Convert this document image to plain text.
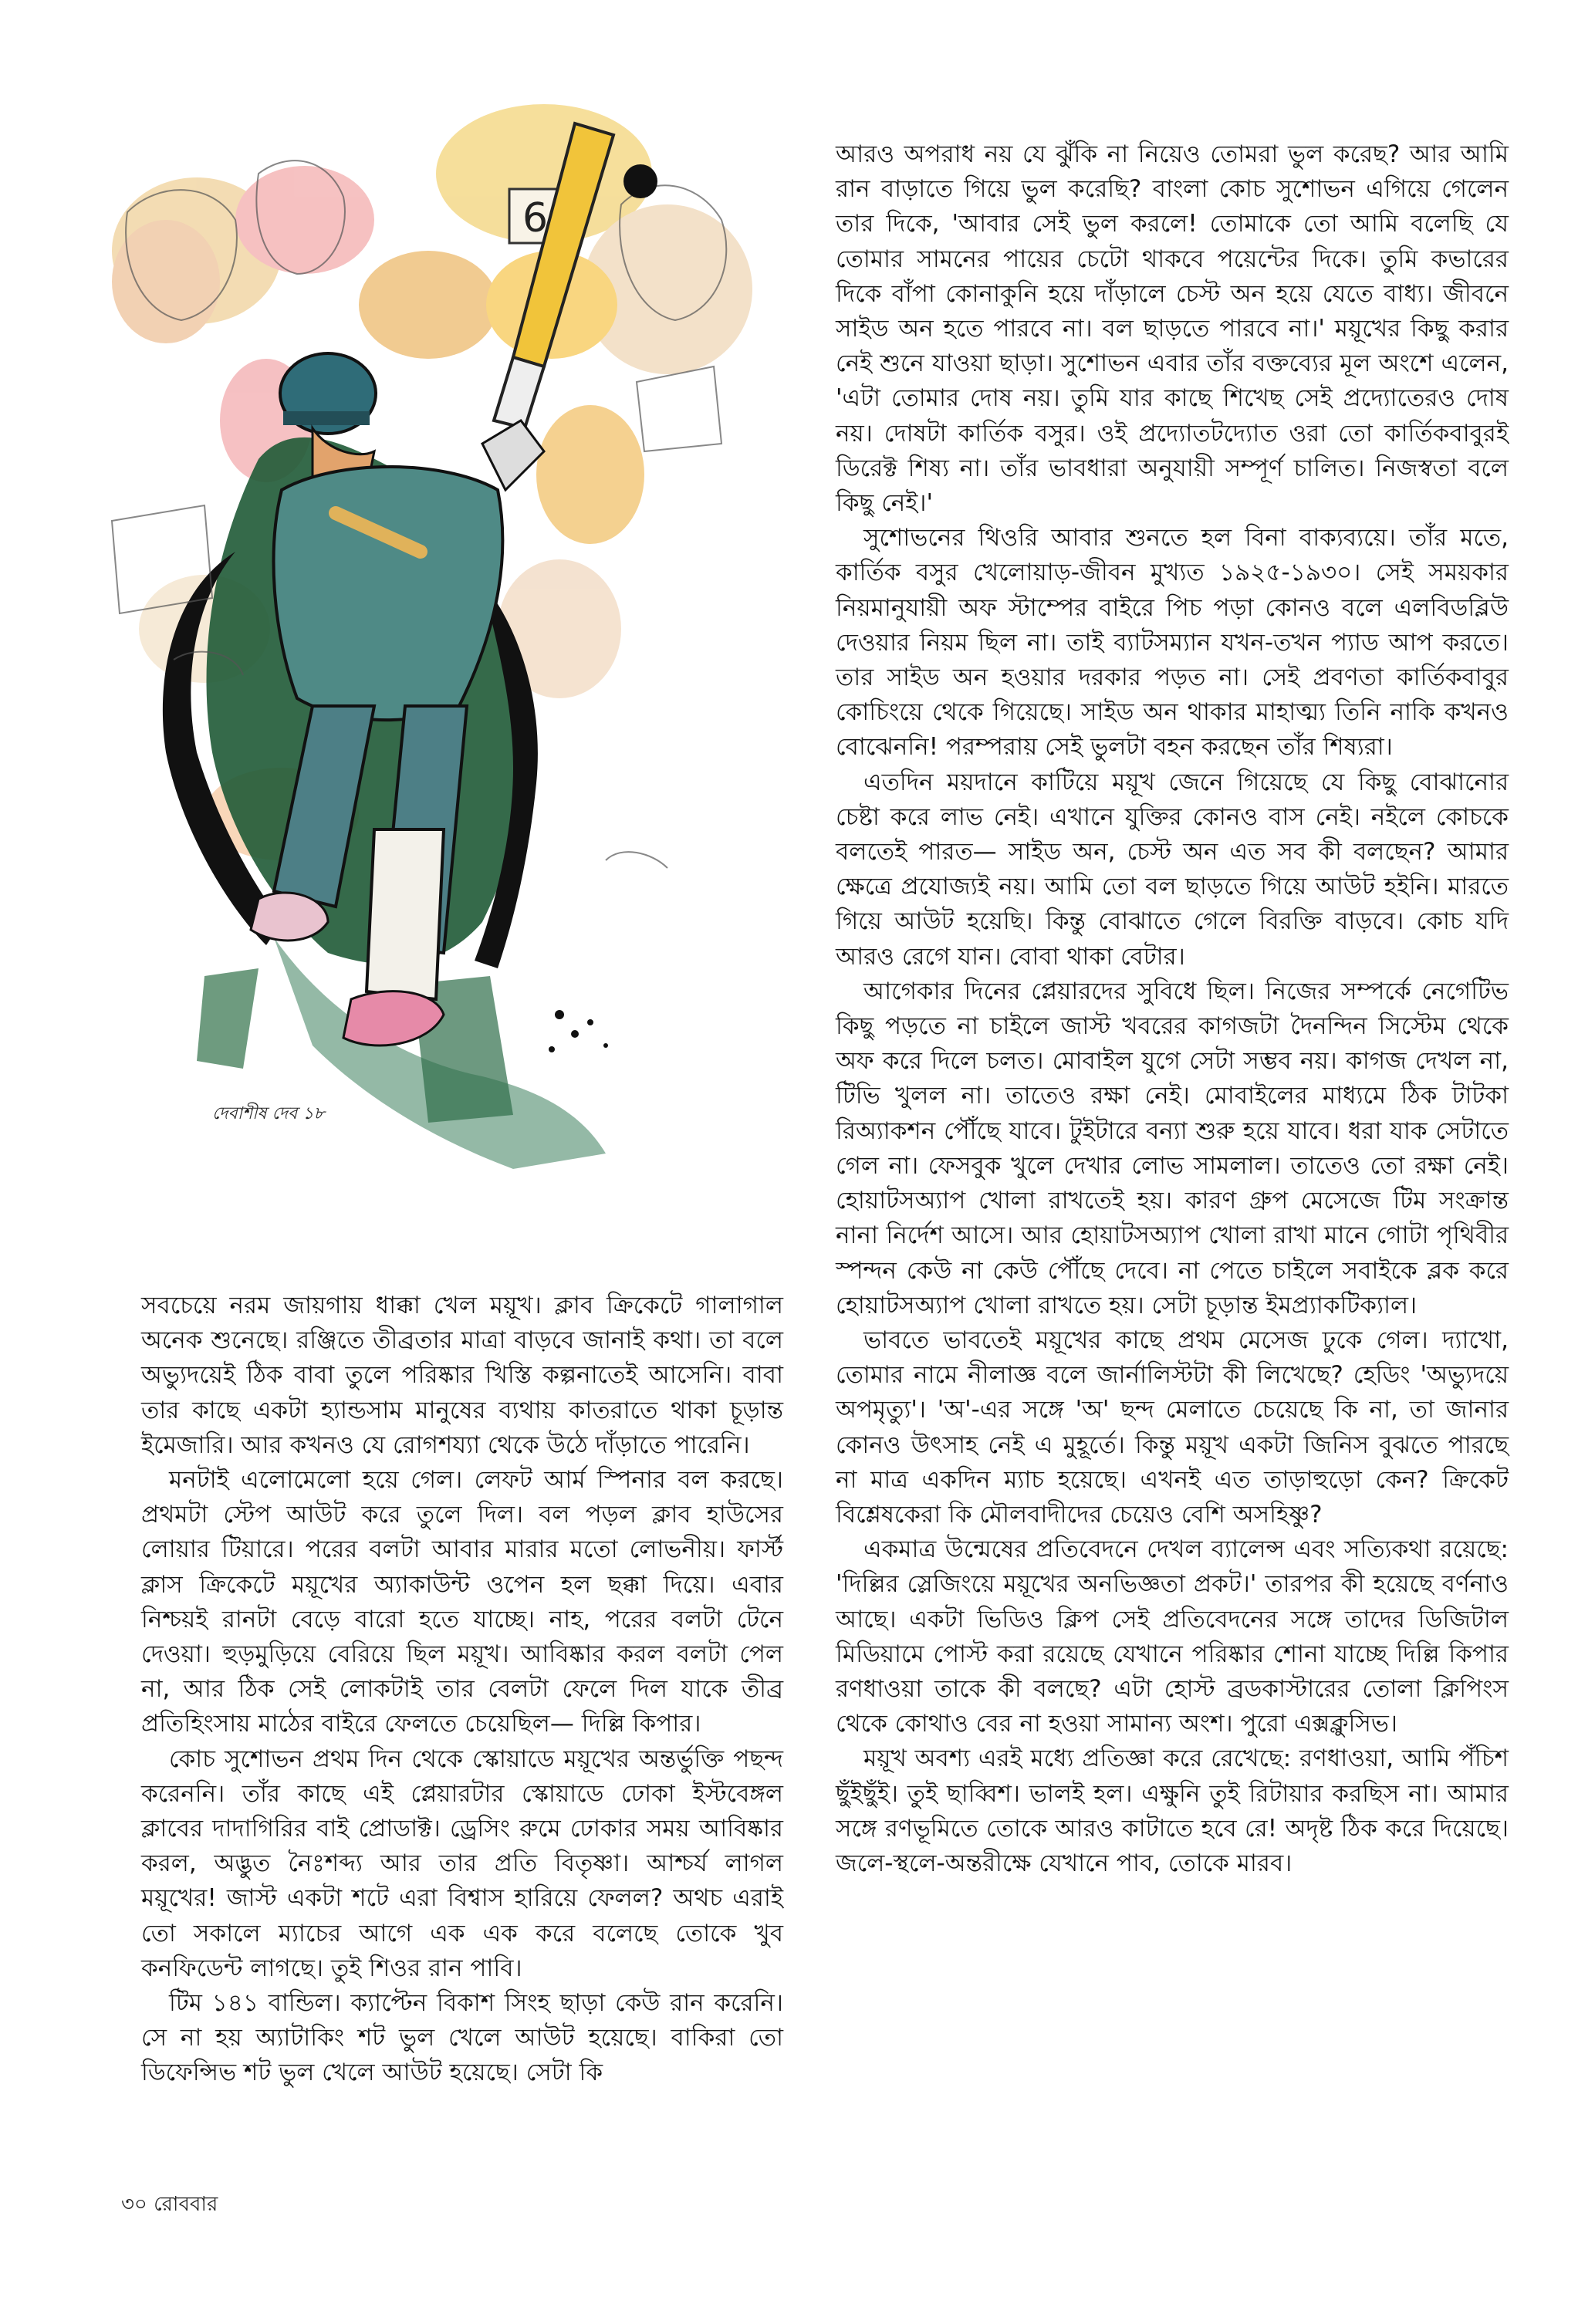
6
দেবাশীষ দেব ১৮

আরও অপরাধ নয় যে ঝুঁকি না নিয়েও তোমরা ভুল করেছ? আর আমি রান বাড়াতে গিয়ে ভুল করেছি? বাংলা কোচ সুশোভন এগিয়ে গেলেন তার দিকে, 'আবার সেই ভুল করলে! তোমাকে তো আমি বলেছি যে তোমার সামনের পায়ের চেটো থাকবে পয়েন্টের দিকে। তুমি কভারের দিকে বাঁপা কোনাকুনি হয়ে দাঁড়ালে চেস্ট অন হয়ে যেতে বাধ্য। জীবনে সাইড অন হতে পারবে না। বল ছাড়তে পারবে না।' ময়ূখের কিছু করার নেই শুনে যাওয়া ছাড়া। সুশোভন এবার তাঁর বক্তব্যের মূল অংশে এলেন, 'এটা তোমার দোষ নয়। তুমি যার কাছে শিখেছ সেই প্রদ্যোতেরও দোষ নয়। দোষটা কার্তিক বসুর। ওই প্রদ্যোতটদ্যোত ওরা তো কার্তিকবাবুরই ডিরেক্ট শিষ্য না। তাঁর ভাবধারা অনুযায়ী সম্পূর্ণ চালিত। নিজস্বতা বলে কিছু নেই।'

সুশোভনের থিওরি আবার শুনতে হল বিনা বাক্যব্যয়ে। তাঁর মতে, কার্তিক বসুর খেলোয়াড়-জীবন মুখ্যত ১৯২৫-১৯৩০। সেই সময়কার নিয়মানুযায়ী অফ স্টাম্পের বাইরে পিচ পড়া কোনও বলে এলবিডব্লিউ দেওয়ার নিয়ম ছিল না। তাই ব্যাটসম্যান যখন-তখন প্যাড আপ করতে। তার সাইড অন হওয়ার দরকার পড়ত না। সেই প্রবণতা কার্তিকবাবুর কোচিংয়ে থেকে গিয়েছে। সাইড অন থাকার মাহাত্ম্য তিনি নাকি কখনও বোঝেননি! পরম্পরায় সেই ভুলটা বহন করছেন তাঁর শিষ্যরা।

এতদিন ময়দানে কাটিয়ে ময়ূখ জেনে গিয়েছে যে কিছু বোঝানোর চেষ্টা করে লাভ নেই। এখানে যুক্তির কোনও বাস নেই। নইলে কোচকে বলতেই পারত— সাইড অন, চেস্ট অন এত সব কী বলছেন? আমার ক্ষেত্রে প্রযোজ্যই নয়। আমি তো বল ছাড়তে গিয়ে আউট হইনি। মারতে গিয়ে আউট হয়েছি। কিন্তু বোঝাতে গেলে বিরক্তি বাড়বে। কোচ যদি আরও রেগে যান। বোবা থাকা বেটার।

আগেকার দিনের প্লেয়ারদের সুবিধে ছিল। নিজের সম্পর্কে নেগেটিভ কিছু পড়তে না চাইলে জাস্ট খবরের কাগজটা দৈনন্দিন সিস্টেম থেকে অফ করে দিলে চলত। মোবাইল যুগে সেটা সম্ভব নয়। কাগজ দেখল না, টিভি খুলল না। তাতেও রক্ষা নেই। মোবাইলের মাধ্যমে ঠিক টাটকা রিঅ্যাকশন পৌঁছে যাবে। টুইটারে বন্যা শুরু হয়ে যাবে। ধরা যাক সেটাতে গেল না। ফেসবুক খুলে দেখার লোভ সামলাল। তাতেও তো রক্ষা নেই। হোয়াটসঅ্যাপ খোলা রাখতেই হয়। কারণ গ্রুপ মেসেজে টিম সংক্রান্ত নানা নির্দেশ আসে। আর হোয়াটসঅ্যাপ খোলা রাখা মানে গোটা পৃথিবীর স্পন্দন কেউ না কেউ পৌঁছে দেবে। না পেতে চাইলে সবাইকে ব্লক করে হোয়াটসঅ্যাপ খোলা রাখতে হয়। সেটা চূড়ান্ত ইমপ্র্যাকটিক্যাল।

ভাবতে ভাবতেই ময়ূখের কাছে প্রথম মেসেজ ঢুকে গেল। দ্যাখো, তোমার নামে নীলাজ্ঞ বলে জার্নালিস্টটা কী লিখেছে? হেডিং 'অভ্যুদয়ে অপমৃত্যু'। 'অ'-এর সঙ্গে 'অ' ছন্দ মেলাতে চেয়েছে কি না, তা জানার কোনও উৎসাহ নেই এ মুহূর্তে। কিন্তু ময়ূখ একটা জিনিস বুঝতে পারছে না মাত্র একদিন ম্যাচ হয়েছে। এখনই এত তাড়াহুড়ো কেন? ক্রিকেট বিশ্লেষকেরা কি মৌলবাদীদের চেয়েও বেশি অসহিষ্ণু?

একমাত্র উন্মেষের প্রতিবেদনে দেখল ব্যালেন্স এবং সত্যিকথা রয়েছে: 'দিল্লির স্লেজিংয়ে ময়ূখের অনভিজ্ঞতা প্রকট।' তারপর কী হয়েছে বর্ণনাও আছে। একটা ভিডিও ক্লিপ সেই প্রতিবেদনের সঙ্গে তাদের ডিজিটাল মিডিয়ামে পোস্ট করা রয়েছে যেখানে পরিষ্কার শোনা যাচ্ছে দিল্লি কিপার রণধাওয়া তাকে কী বলছে? এটা হোস্ট ব্রডকাস্টারের তোলা ক্লিপিংস থেকে কোথাও বের না হওয়া সামান্য অংশ। পুরো এক্সক্লুসিভ।

ময়ূখ অবশ্য এরই মধ্যে প্রতিজ্ঞা করে রেখেছে: রণধাওয়া, আমি পঁচিশ ছুঁইছুঁই। তুই ছাব্বিশ। ভালই হল। এক্ষুনি তুই রিটায়ার করছিস না। আমার সঙ্গে রণভূমিতে তোকে আরও কাটাতে হবে রে! অদৃষ্ট ঠিক করে দিয়েছে। জলে-স্থলে-অন্তরীক্ষে যেখানে পাব, তোকে মারব।

সবচেয়ে নরম জায়গায় ধাক্কা খেল ময়ূখ। ক্লাব ক্রিকেটে গালাগাল অনেক শুনেছে। রঞ্জিতে তীব্রতার মাত্রা বাড়বে জানাই কথা। তা বলে অভ্যুদয়েই ঠিক বাবা তুলে পরিষ্কার খিস্তি কল্পনাতেই আসেনি। বাবা তার কাছে একটা হ্যান্ডসাম মানুষের ব্যথায় কাতরাতে থাকা চূড়ান্ত ইমেজারি। আর কখনও যে রোগশয্যা থেকে উঠে দাঁড়াতে পারেনি।

মনটাই এলোমেলো হয়ে গেল। লেফট আর্ম স্পিনার বল করছে। প্রথমটা স্টেপ আউট করে তুলে দিল। বল পড়ল ক্লাব হাউসের লোয়ার টিয়ারে। পরের বলটা আবার মারার মতো লোভনীয়। ফার্স্ট ক্লাস ক্রিকেটে ময়ূখের অ্যাকাউন্ট ওপেন হল ছক্কা দিয়ে। এবার নিশ্চয়ই রানটা বেড়ে বারো হতে যাচ্ছে। নাহ, পরের বলটা টেনে দেওয়া। হুড়মুড়িয়ে বেরিয়ে ছিল ময়ূখ। আবিষ্কার করল বলটা পেল না, আর ঠিক সেই লোকটাই তার বেলটা ফেলে দিল যাকে তীব্র প্রতিহিংসায় মাঠের বাইরে ফেলতে চেয়েছিল— দিল্লি কিপার।

কোচ সুশোভন প্রথম দিন থেকে স্কোয়াডে ময়ূখের অন্তর্ভুক্তি পছন্দ করেননি। তাঁর কাছে এই প্লেয়ারটার স্কোয়াডে ঢোকা ইস্টবেঙ্গল ক্লাবের দাদাগিরির বাই প্রোডাক্ট। ড্রেসিং রুমে ঢোকার সময় আবিষ্কার করল, অদ্ভুত নৈঃশব্দ্য আর তার প্রতি বিতৃষ্ণা। আশ্চর্য লাগল ময়ূখের! জাস্ট একটা শটে এরা বিশ্বাস হারিয়ে ফেলল? অথচ এরাই তো সকালে ম্যাচের আগে এক এক করে বলেছে তোকে খুব কনফিডেন্ট লাগছে। তুই শিওর রান পাবি।

টিম ১৪১ বান্ডিল। ক্যাপ্টেন বিকাশ সিংহ ছাড়া কেউ রান করেনি। সে না হয় অ্যাটাকিং শট ভুল খেলে আউট হয়েছে। বাকিরা তো ডিফেন্সিভ শট ভুল খেলে আউট হয়েছে। সেটা কি

৩০ রোববার
